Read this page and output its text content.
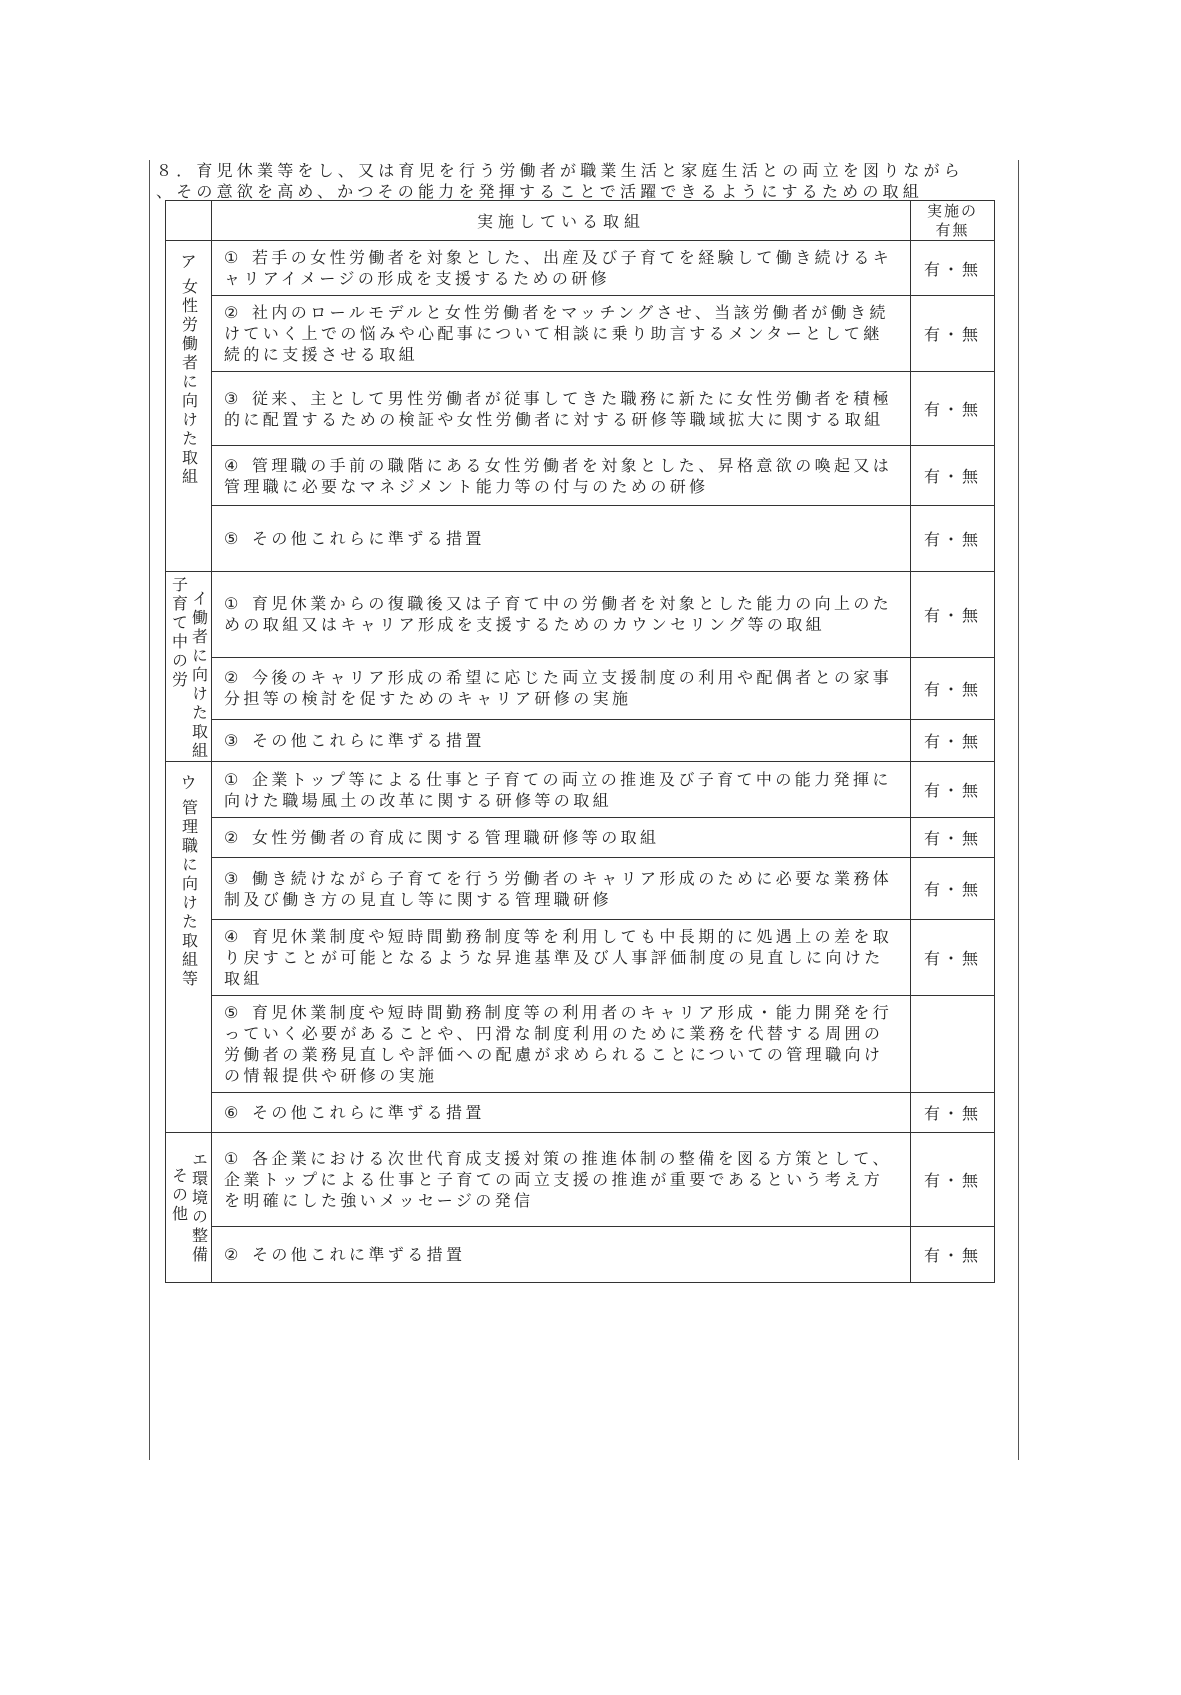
８．育児休業等をし、又は育児を行う労働者が職業生活と家庭生活との両立を図りながら
、その意欲を高め、かつその能力を発揮することで活躍できるようにするための取組
	実施している取組	実施の
有無

ア
女性労働者に向けた取組	① 若手の女性労働者を対象とした、出産及び子育てを経験して働き続けるキャリアイメージの形成を支援するための研修	有・無
	② 社内のロールモデルと女性労働者をマッチングさせ、当該労働者が働き続けていく上での悩みや心配事について相談に乗り助言するメンターとして継続的に支援させる取組	有・無
	③ 従来、主として男性労働者が従事してきた職務に新たに女性労働者を積極的に配置するための検証や女性労働者に対する研修等職域拡大に関する取組	有・無
	④ 管理職の手前の職階にある女性労働者を対象とした、昇格意欲の喚起又は管理職に必要なマネジメント能力等の付与のための研修	有・無
	⑤ その他これらに準ずる措置	有・無
子育て中の労イ働者に向けた取組	① 育児休業からの復職後又は子育て中の労働者を対象とした能力の向上のための取組又はキャリア形成を支援するためのカウンセリング等の取組	有・無
	② 今後のキャリア形成の希望に応じた両立支援制度の利用や配偶者との家事分担等の検討を促すためのキャリア研修の実施	有・無
	③ その他これらに準ずる措置	有・無

ウ
管理職に向けた取組等	① 企業トップ等による仕事と子育ての両立の推進及び子育て中の能力発揮に向けた職場風土の改革に関する研修等の取組	有・無
	② 女性労働者の育成に関する管理職研修等の取組	有・無
	③ 働き続けながら子育てを行う労働者のキャリア形成のために必要な業務体制及び働き方の見直し等に関する管理職研修	有・無
	④ 育児休業制度や短時間勤務制度等を利用しても中長期的に処遇上の差を取り戻すことが可能となるような昇進基準及び人事評価制度の見直しに向けた取組	有・無
	⑤ 育児休業制度や短時間勤務制度等の利用者のキャリア形成・能力開発を行っていく必要があることや、円滑な制度利用のために業務を代替する周囲の労働者の業務見直しや評価への配慮が求められることについての管理職向けの情報提供や研修の実施	
	⑥ その他これらに準ずる措置	有・無
その他エ環境の整備	① 各企業における次世代育成支援対策の推進体制の整備を図る方策として、企業トップによる仕事と子育ての両立支援の推進が重要であるという考え方を明確にした強いメッセージの発信	有・無
	② その他これに準ずる措置	有・無
